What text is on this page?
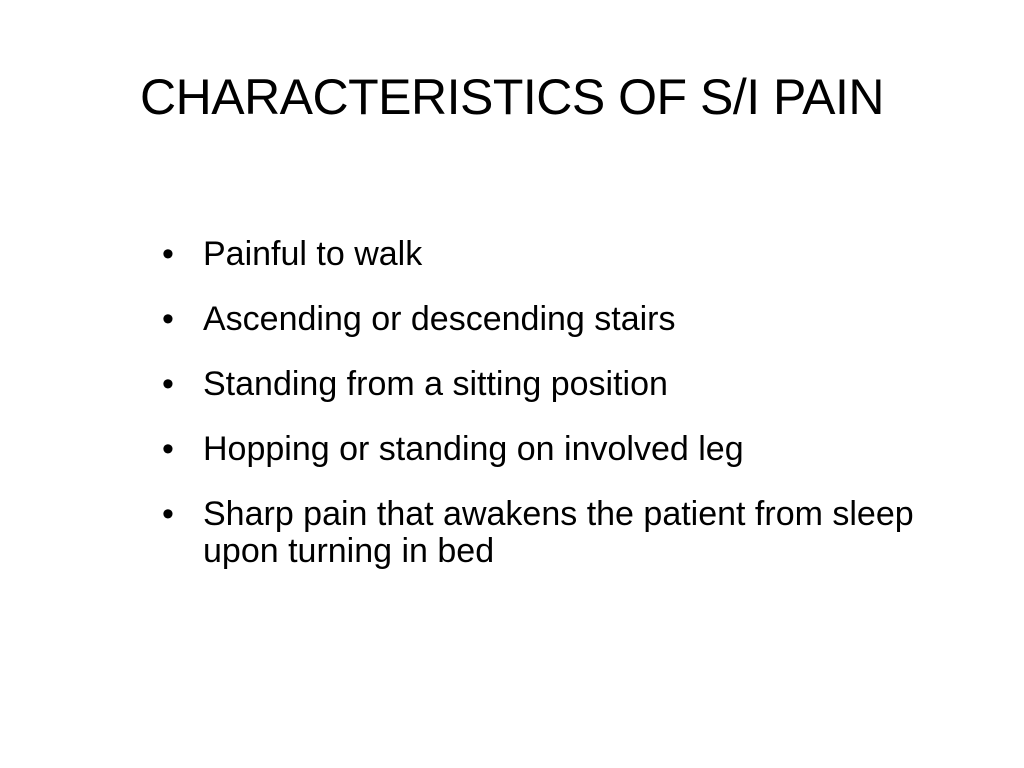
CHARACTERISTICS OF S/I PAIN
• Painful to walk
• Ascending or descending stairs
• Standing from a sitting position
• Hopping or standing on involved leg
• Sharp pain that awakens the patient from sleep upon turning in bed
